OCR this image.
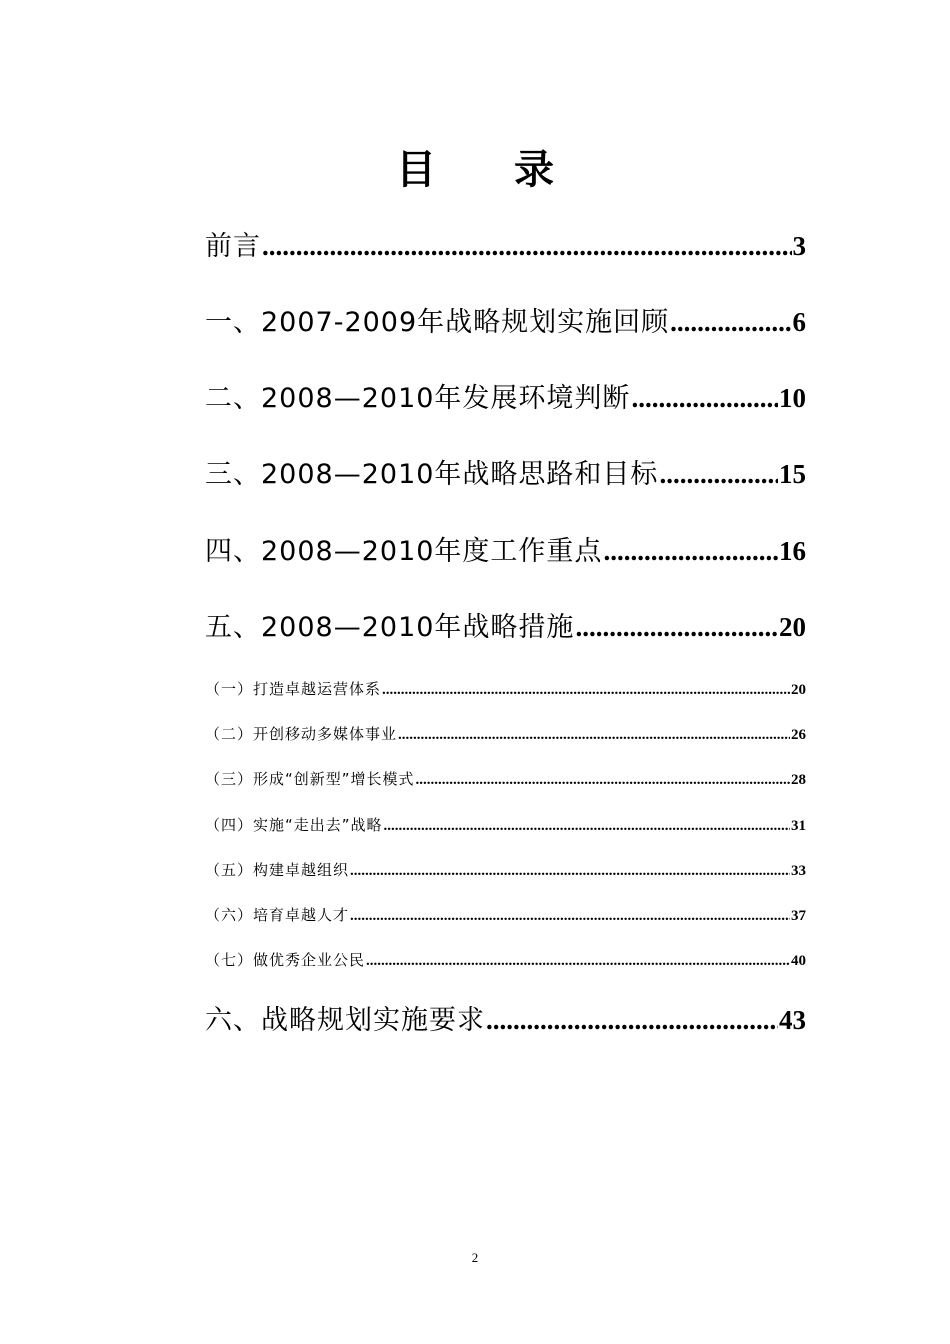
目 录
前言 .....	3
一、2007-2009年战略规划实施回顾 .....	6
二、2008—2010年发展环境判断 .....	10
三、2008—2010年战略思路和目标 .....	15
四、2008—2010年度工作重点 .....	16
五、2008—2010年战略措施 .....	20
（一）打造卓越运营体系 .....	20
（二）开创移动多媒体事业 .....	26
（三）形成“创新型”增长模式 .....	28
（四）实施“走出去”战略 .....	31
（五）构建卓越组织 .....	33
（六）培育卓越人才 .....	37
（七）做优秀企业公民 .....	40
六、战略规划实施要求 .....	43
2
